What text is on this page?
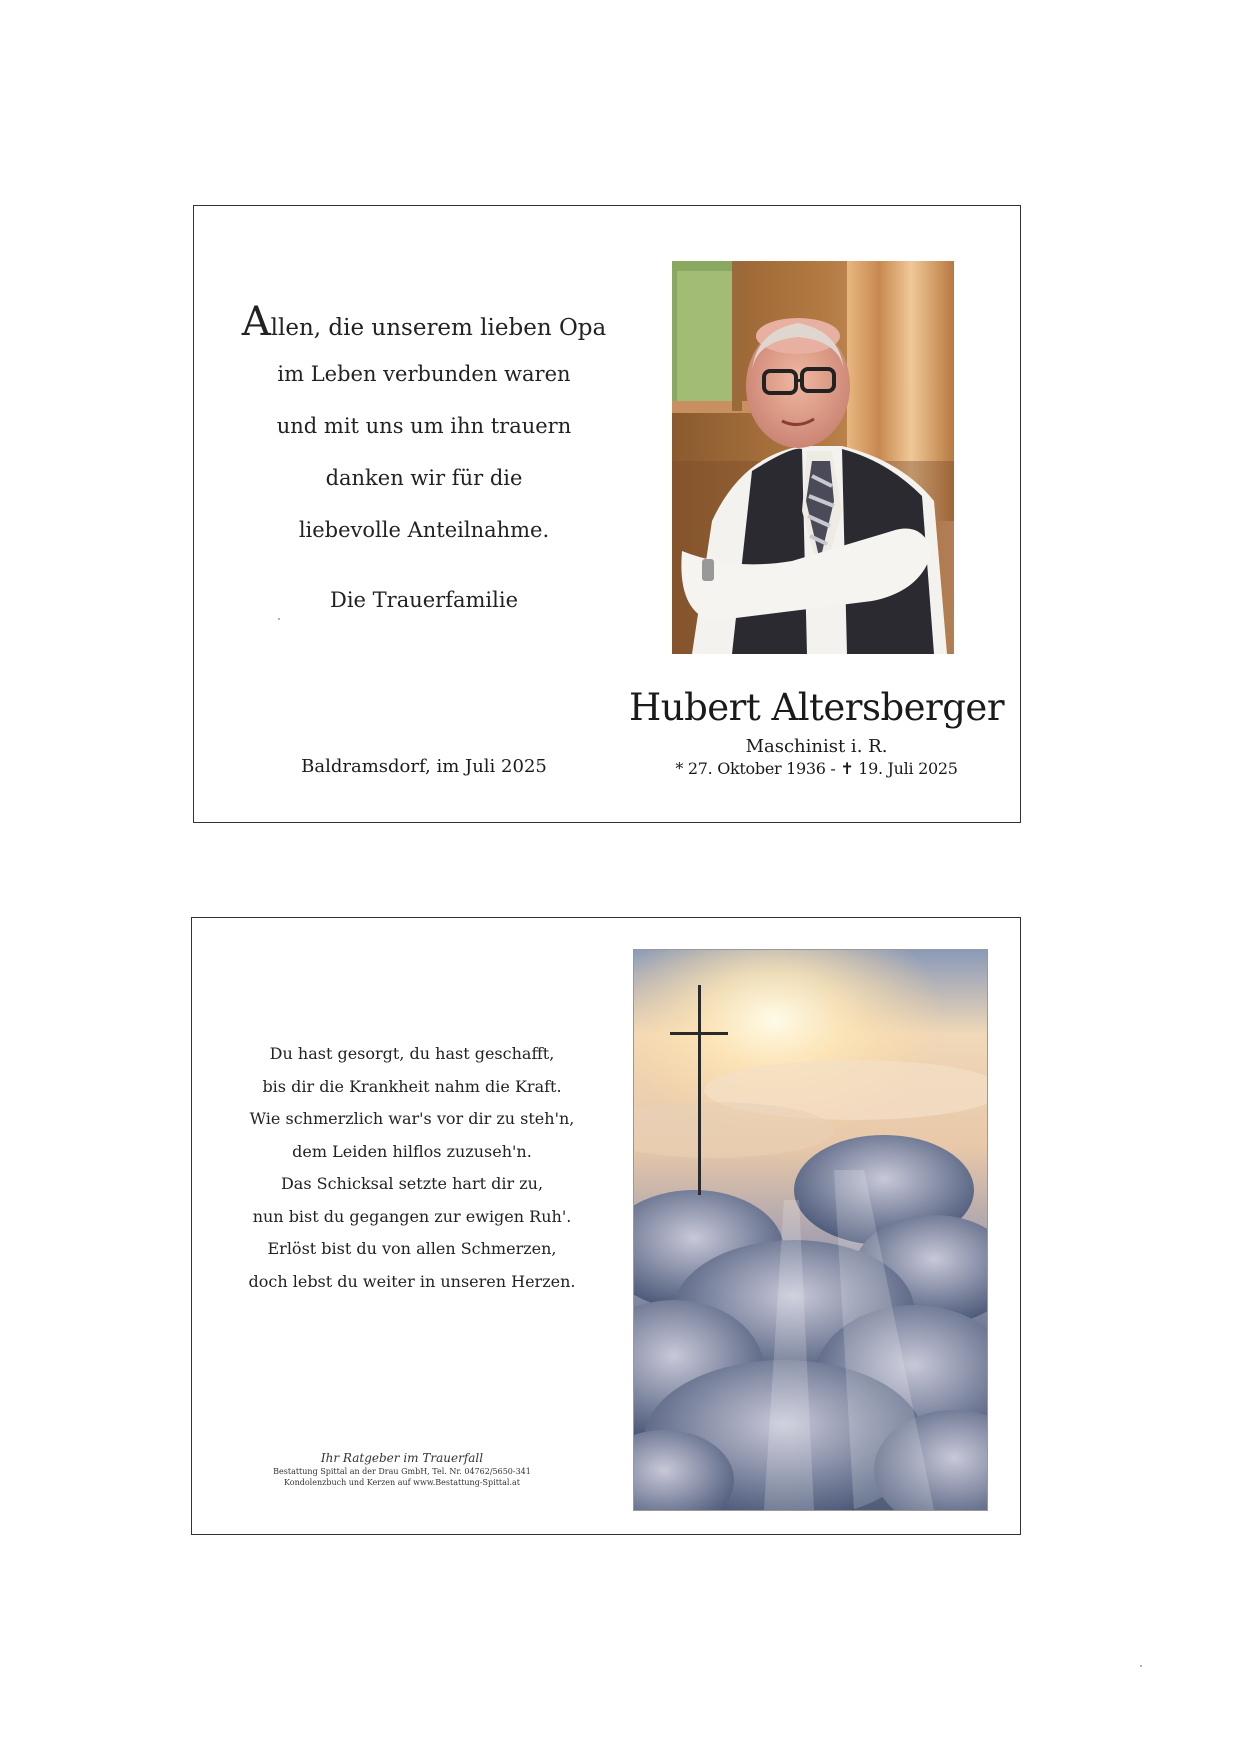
Allen, die unserem lieben Opa
im Leben verbunden waren
und mit uns um ihn trauern
danken wir für die
liebevolle Anteilnahme.
Die Trauerfamilie
Baldramsdorf, im Juli 2025
Hubert Altersberger
Maschinist i. R.
* 27. Oktober 1936 - ✝ 19. Juli 2025
Du hast gesorgt, du hast geschafft,
bis dir die Krankheit nahm die Kraft.
Wie schmerzlich war's vor dir zu steh'n,
dem Leiden hilflos zuzuseh'n.
Das Schicksal setzte hart dir zu,
nun bist du gegangen zur ewigen Ruh'.
Erlöst bist du von allen Schmerzen,
doch lebst du weiter in unseren Herzen.
Ihr Ratgeber im Trauerfall
Bestattung Spittal an der Drau GmbH, Tel. Nr. 04762/5650-341
Kondolenzbuch und Kerzen auf www.Bestattung-Spittal.at
